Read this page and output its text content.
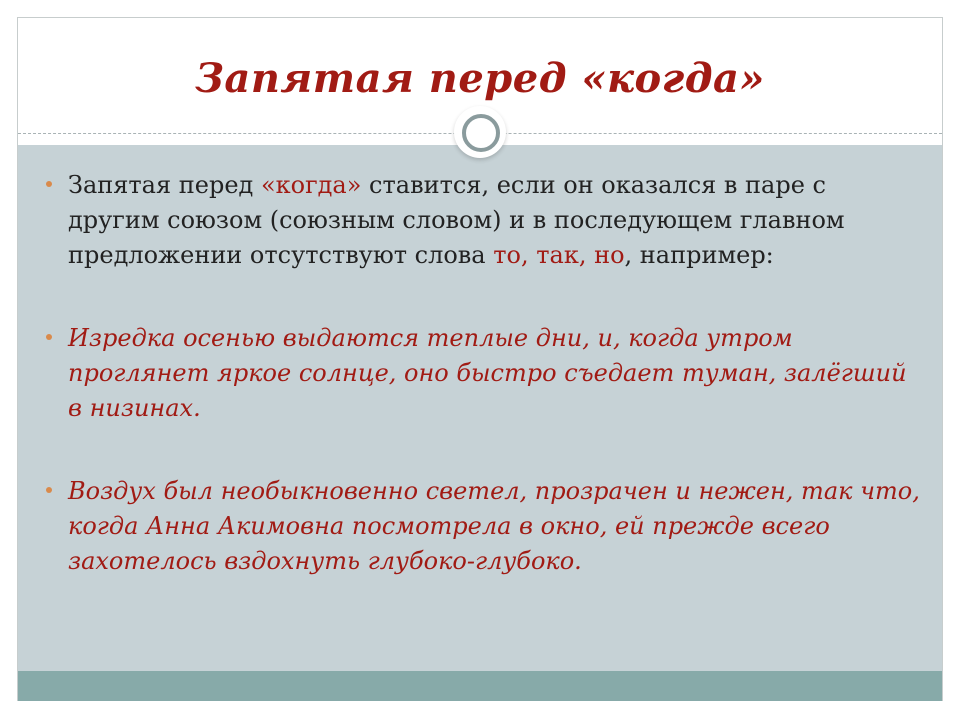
Запятая перед «когда»
Запятая перед «когда» ставится, если он оказался в паре с другим союзом (союзным словом) и в последующем главном предложении отсутствуют слова то, так, но, например:
Изредка осенью выдаются теплые дни, и, когда утром проглянет яркое солнце, оно быстро съедает туман, залёгший в низинах.
Воздух был необыкновенно светел, прозрачен и нежен, так что, когда Анна Акимовна посмотрела в окно, ей прежде всего захотелось вздохнуть глубоко-глубоко.
